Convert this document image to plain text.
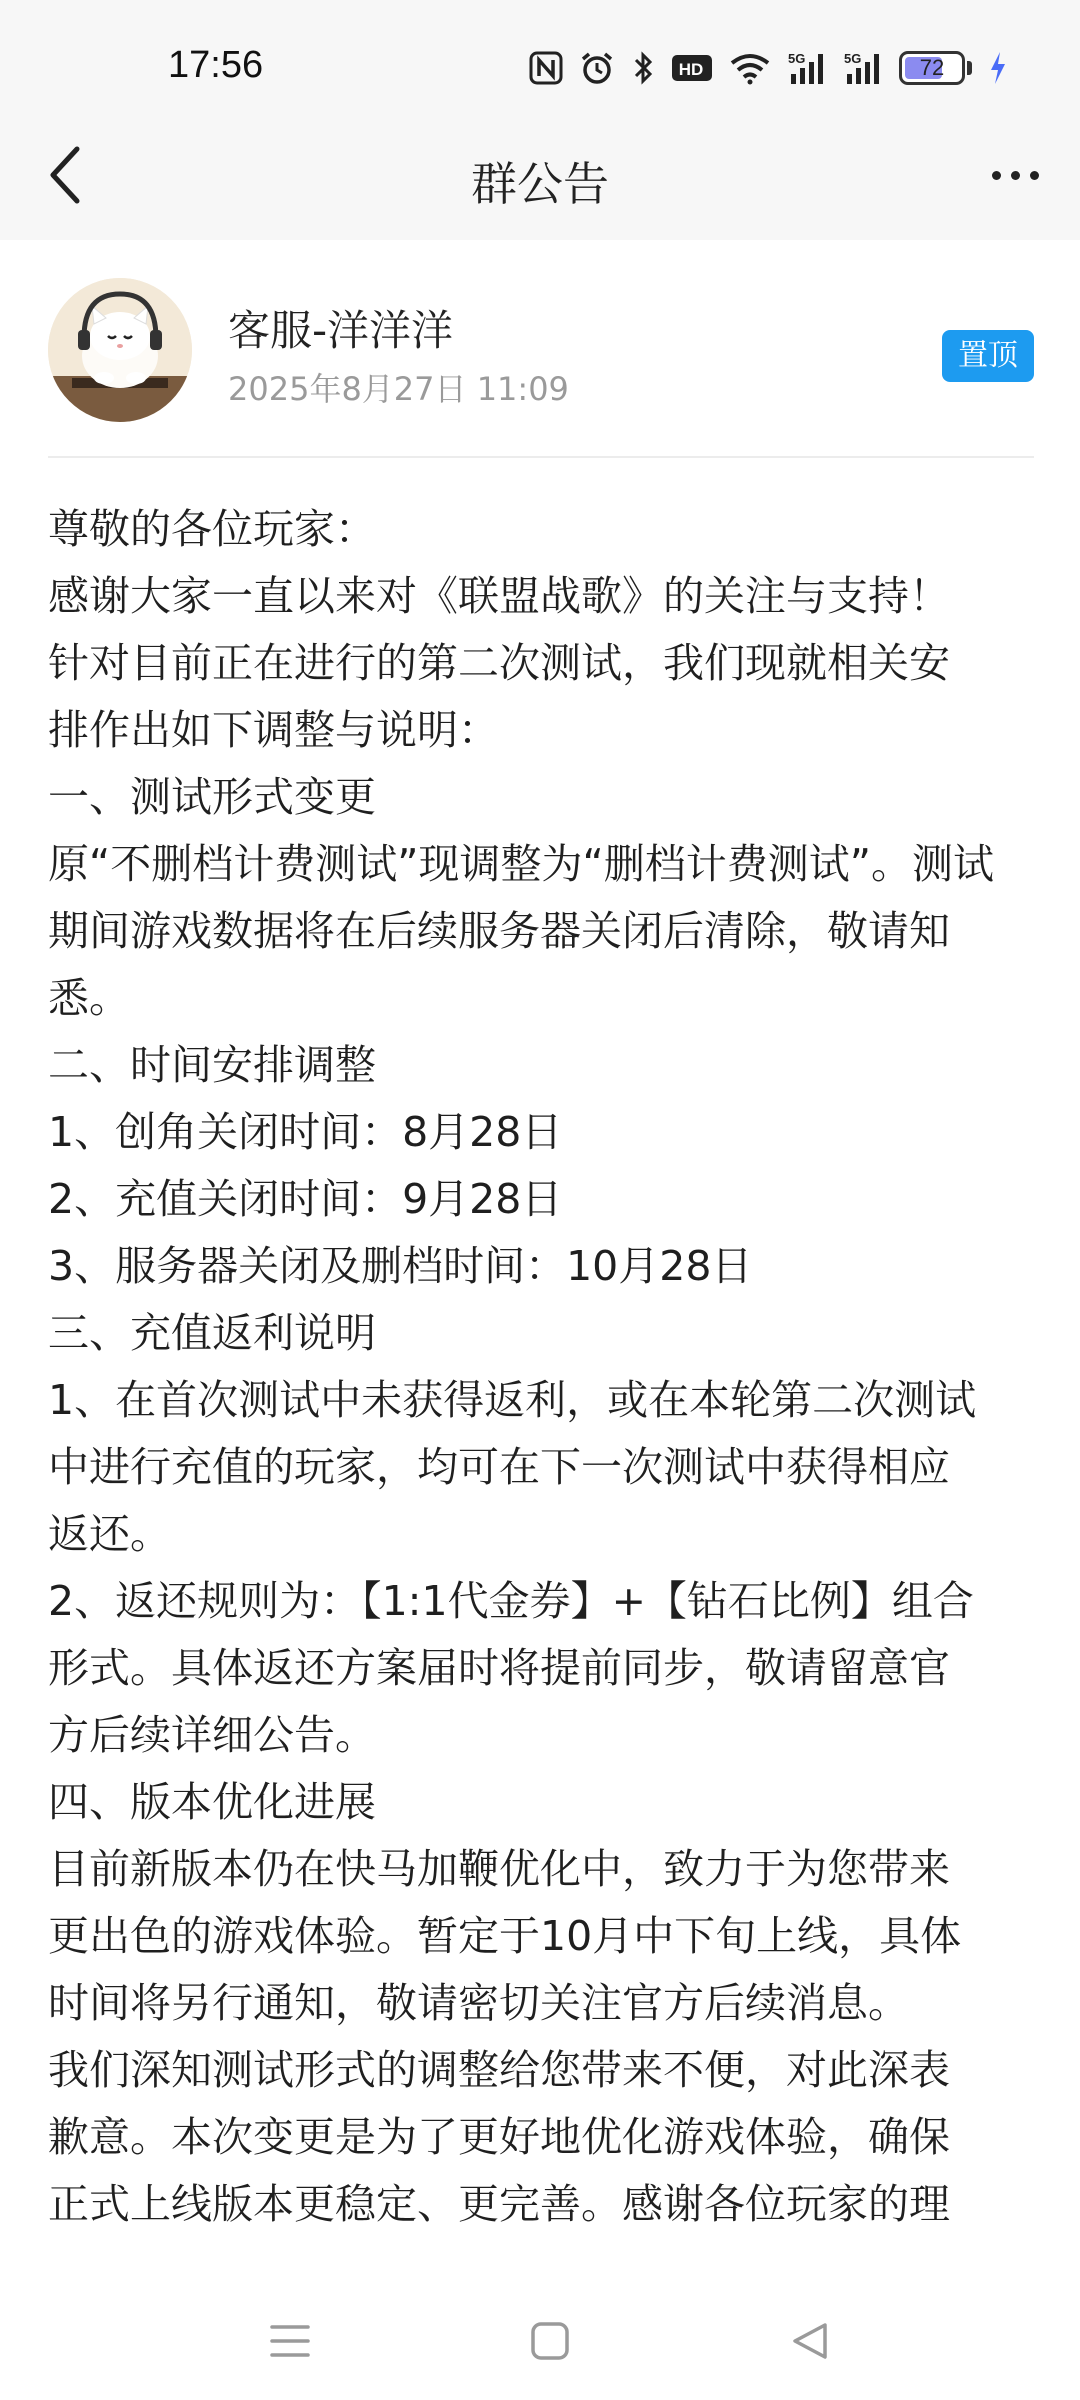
17:56	HD
5G	5G	72
群公告
客服-洋洋洋
2025年8月27日 11:09
置顶
尊敬的各位玩家：
感谢大家一直以来对《联盟战歌》的关注与支持！
针对目前正在进行的第二次测试，我们现就相关安
排作出如下调整与说明：
一、测试形式变更
原“不删档计费测试”现调整为“删档计费测试”。测试
期间游戏数据将在后续服务器关闭后清除，敬请知
悉。
二、时间安排调整
1、创角关闭时间：8月28日
2、充值关闭时间：9月28日
3、服务器关闭及删档时间：10月28日
三、充值返利说明
1、在首次测试中未获得返利，或在本轮第二次测试
中进行充值的玩家，均可在下一次测试中获得相应
返还。
2、返还规则为：【1:1代金券】+【钻石比例】组合
形式。具体返还方案届时将提前同步，敬请留意官
方后续详细公告。
四、版本优化进展
目前新版本仍在快马加鞭优化中，致力于为您带来
更出色的游戏体验。暂定于10月中下旬上线，具体
时间将另行通知，敬请密切关注官方后续消息。
我们深知测试形式的调整给您带来不便，对此深表
歉意。本次变更是为了更好地优化游戏体验，确保
正式上线版本更稳定、更完善。感谢各位玩家的理
